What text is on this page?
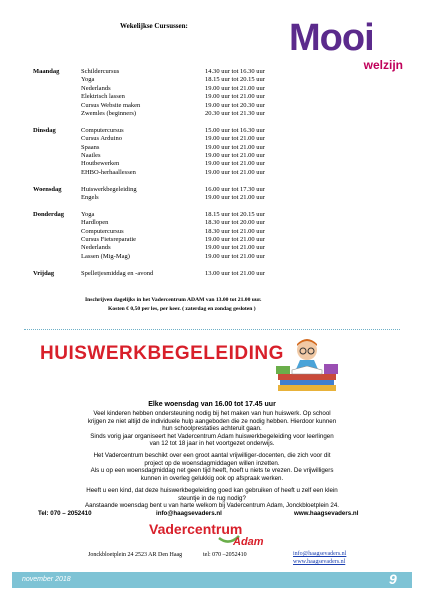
Mooi
welzijn
Wekelijkse Cursussen:
Maandag	Schildercursus	14.30 uur tot 16.30 uur
Yoga	18.15 uur tot 20.15 uur
Nederlands	19.00 uur tot 21.00 uur
Elektrisch lassen	19.00 uur tot 21.00 uur
Cursus Website maken	19.00 uur tot 20.30 uur
Zwemles (beginners)	20.30 uur tot 21.30 uur
Dinsdag	Computercursus	15.00 uur tot 16.30 uur
Cursus Arduino	19.00 uur tot 21.00 uur
Spaans	19.00 uur tot 21.00 uur
Naailes	19.00 uur tot 21.00 uur
Houtbewerken	19.00 uur tot 21.00 uur
EHBO-herhaallessen	19.00 uur tot 21.00 uur
Woensdag	Huiswerkbegeleiding	16.00 uur tot 17.30 uur
Engels	19.00 uur tot 21.00 uur
Donderdag	Yoga	18.15 uur tot 20.15 uur
Hardlopen	18.30 uur tot 20.00 uur
Computercursus	18.30 uur tot 21.00 uur
Cursus Fietsreparatie	19.00 uur tot 21.00 uur
Nederlands	19.00 uur tot 21.00 uur
Lassen (Mig-Mag)	19.00 uur tot 21.00 uur
Vrijdag	Spelletjesmiddag en -avond	13.00 uur tot 21.00 uur
Inschrijven dagelijks in het Vadercentrum ADAM van 13.00 tot 21.00 uur.
Kosten € 0,50 per les, per keer. ( zaterdag en zondag gesloten )
HUISWERKBEGELEIDING
Elke woensdag van 16.00 tot 17.45 uur
Veel kinderen hebben ondersteuning nodig bij het maken van hun huiswerk. Op school
krijgen ze niet altijd de individuele hulp aangeboden die ze nodig hebben. Hierdoor kunnen
hun schoolprestaties achteruit gaan.
Sinds vorig jaar organiseert het Vadercentrum Adam huiswerkbegeleiding voor leerlingen
van 12 tot 18 jaar in het voortgezet onderwijs.
Het Vadercentrum beschikt over een groot aantal vrijwilliger-docenten, die zich voor dit
project op de woensdagmiddagen willen inzetten.
Als u op een woensdagmiddag net geen tijd heeft, hoeft u niets te vrezen. De vrijwilligers
kunnen in overleg gelukkig ook op afspraak werken.
Heeft u een kind, dat deze huiswerkbegeleiding goed kan gebruiken of heeft u zelf een klein
steuntje in de rug nodig?
Aanstaande woensdag bent u van harte welkom bij Vadercentrum Adam, Jonckbloetplein 24.
Tel: 070 – 2052410	info@haagsevaders.nl	www.haagsevaders.nl
Vadercentrum
Adam
Jonckbloetplein 24 2523 AR Den Haag	tel: 070 –2052410	info@haagsevaders.nl
www.haagsevaders.nl
november 2018	9
